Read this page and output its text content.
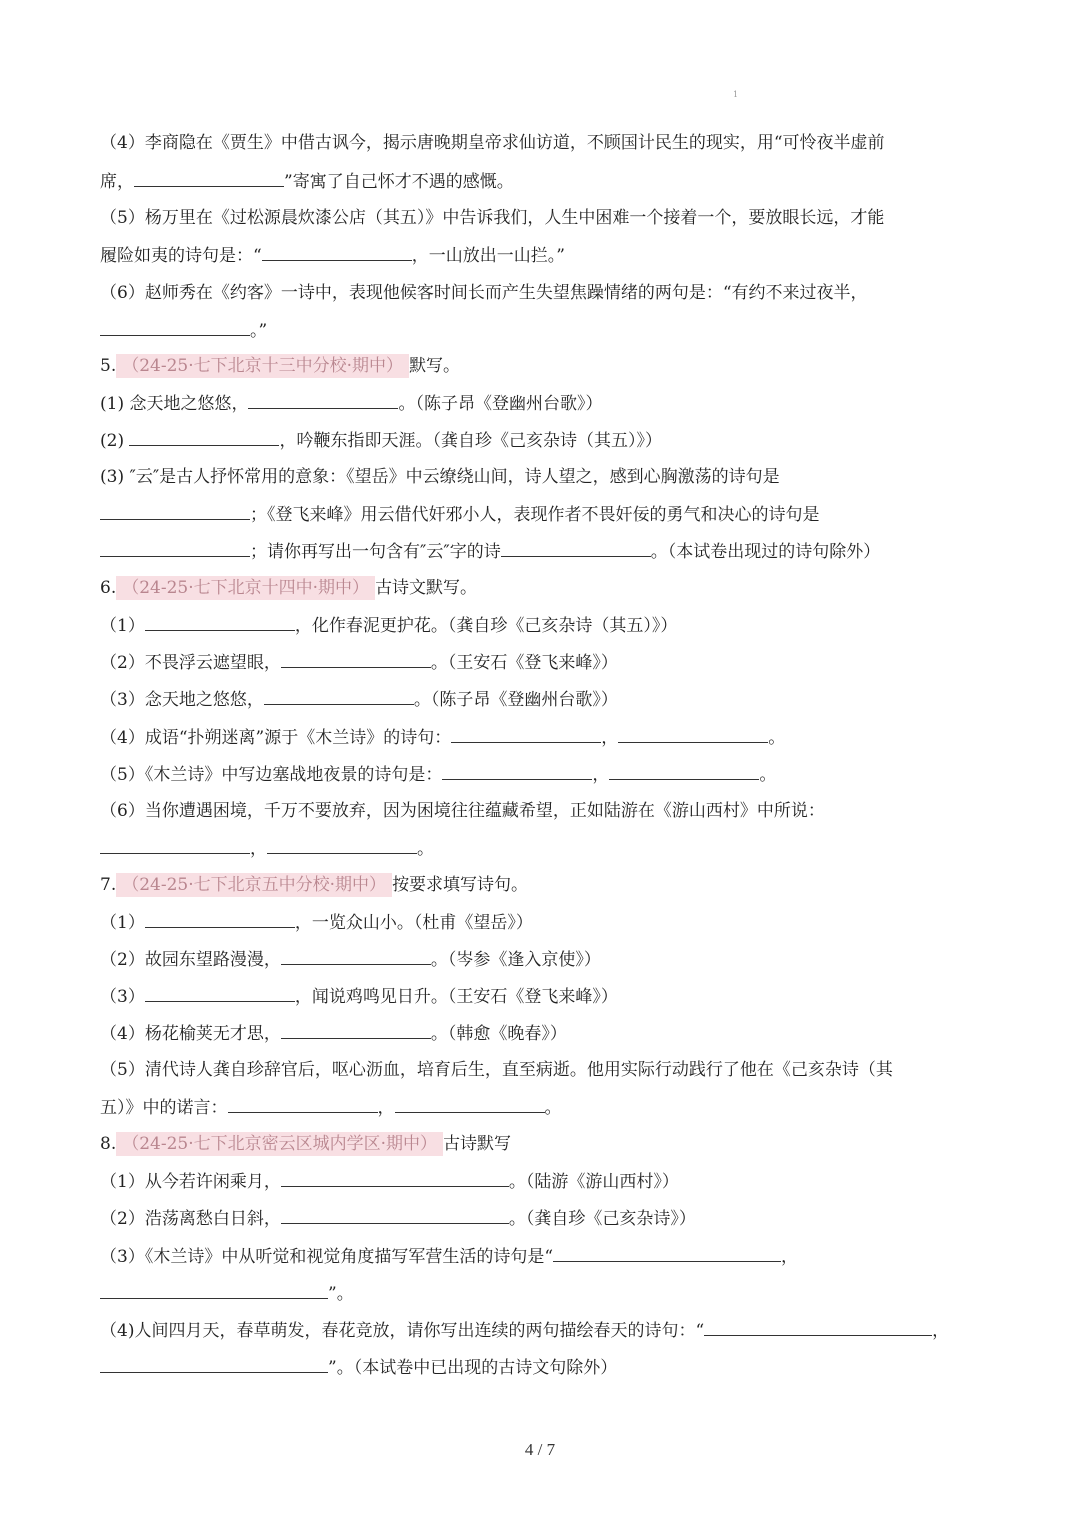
1
（4）李商隐在《贾生》中借古讽今，揭示唐晚期皇帝求仙访道，不顾国计民生的现实，用“可怜夜半虚前
席，	”寄寓了自己怀才不遇的感慨。
（5）杨万里在《过松源晨炊漆公店（其五）》中告诉我们，人生中困难一个接着一个，要放眼长远，才能
履险如夷的诗句是：“	，一山放出一山拦。”
（6）赵师秀在《约客》一诗中，表现他候客时间长而产生失望焦躁情绪的两句是：“有约不来过夜半，
。”
5. （24-25·七下北京十三中分校·期中） 默写。
(1) 念天地之悠悠，	。（陈子昂《登幽州台歌》）
(2)	，吟鞭东指即天涯。（龚自珍《己亥杂诗（其五）》）
(3) ″云″是古人抒怀常用的意象：《望岳》中云缭绕山间，诗人望之，感到心胸激荡的诗句是
；《登飞来峰》用云借代奸邪小人，表现作者不畏奸佞的勇气和决心的诗句是
；请你再写出一句含有″云″字的诗	。（本试卷出现过的诗句除外）
6. （24-25·七下北京十四中·期中） 古诗文默写。
（1）	，化作春泥更护花。（龚自珍《己亥杂诗（其五）》）
（2）不畏浮云遮望眼，	。（王安石《登飞来峰》）
（3）念天地之悠悠，	。（陈子昂《登幽州台歌》）
（4）成语“扑朔迷离”源于《木兰诗》的诗句：	，	。
（5）《木兰诗》中写边塞战地夜景的诗句是：	，	。
（6）当你遭遇困境，千万不要放弃，因为困境往往蕴藏希望，正如陆游在《游山西村》中所说：
，	。
7. （24-25·七下北京五中分校·期中） 按要求填写诗句。
（1）	，一览众山小。（杜甫《望岳》）
（2）故园东望路漫漫，	。（岑参《逢入京使》）
（3）	，闻说鸡鸣见日升。（王安石《登飞来峰》）
（4）杨花榆荚无才思，	。（韩愈《晚春》）
（5）清代诗人龚自珍辞官后，呕心沥血，培育后生，直至病逝。他用实际行动践行了他在《己亥杂诗（其
五）》中的诺言：	，	。
8. （24-25·七下北京密云区城内学区·期中） 古诗默写
（1）从今若许闲乘月，	。（陆游《游山西村》）
（2）浩荡离愁白日斜，	。（龚自珍《己亥杂诗》）
（3）《木兰诗》中从听觉和视觉角度描写军营生活的诗句是“	，
”。
（4)人间四月天，春草萌发，春花竞放，请你写出连续的两句描绘春天的诗句：“	，
”。（本试卷中已出现的古诗文句除外）
4 / 7
